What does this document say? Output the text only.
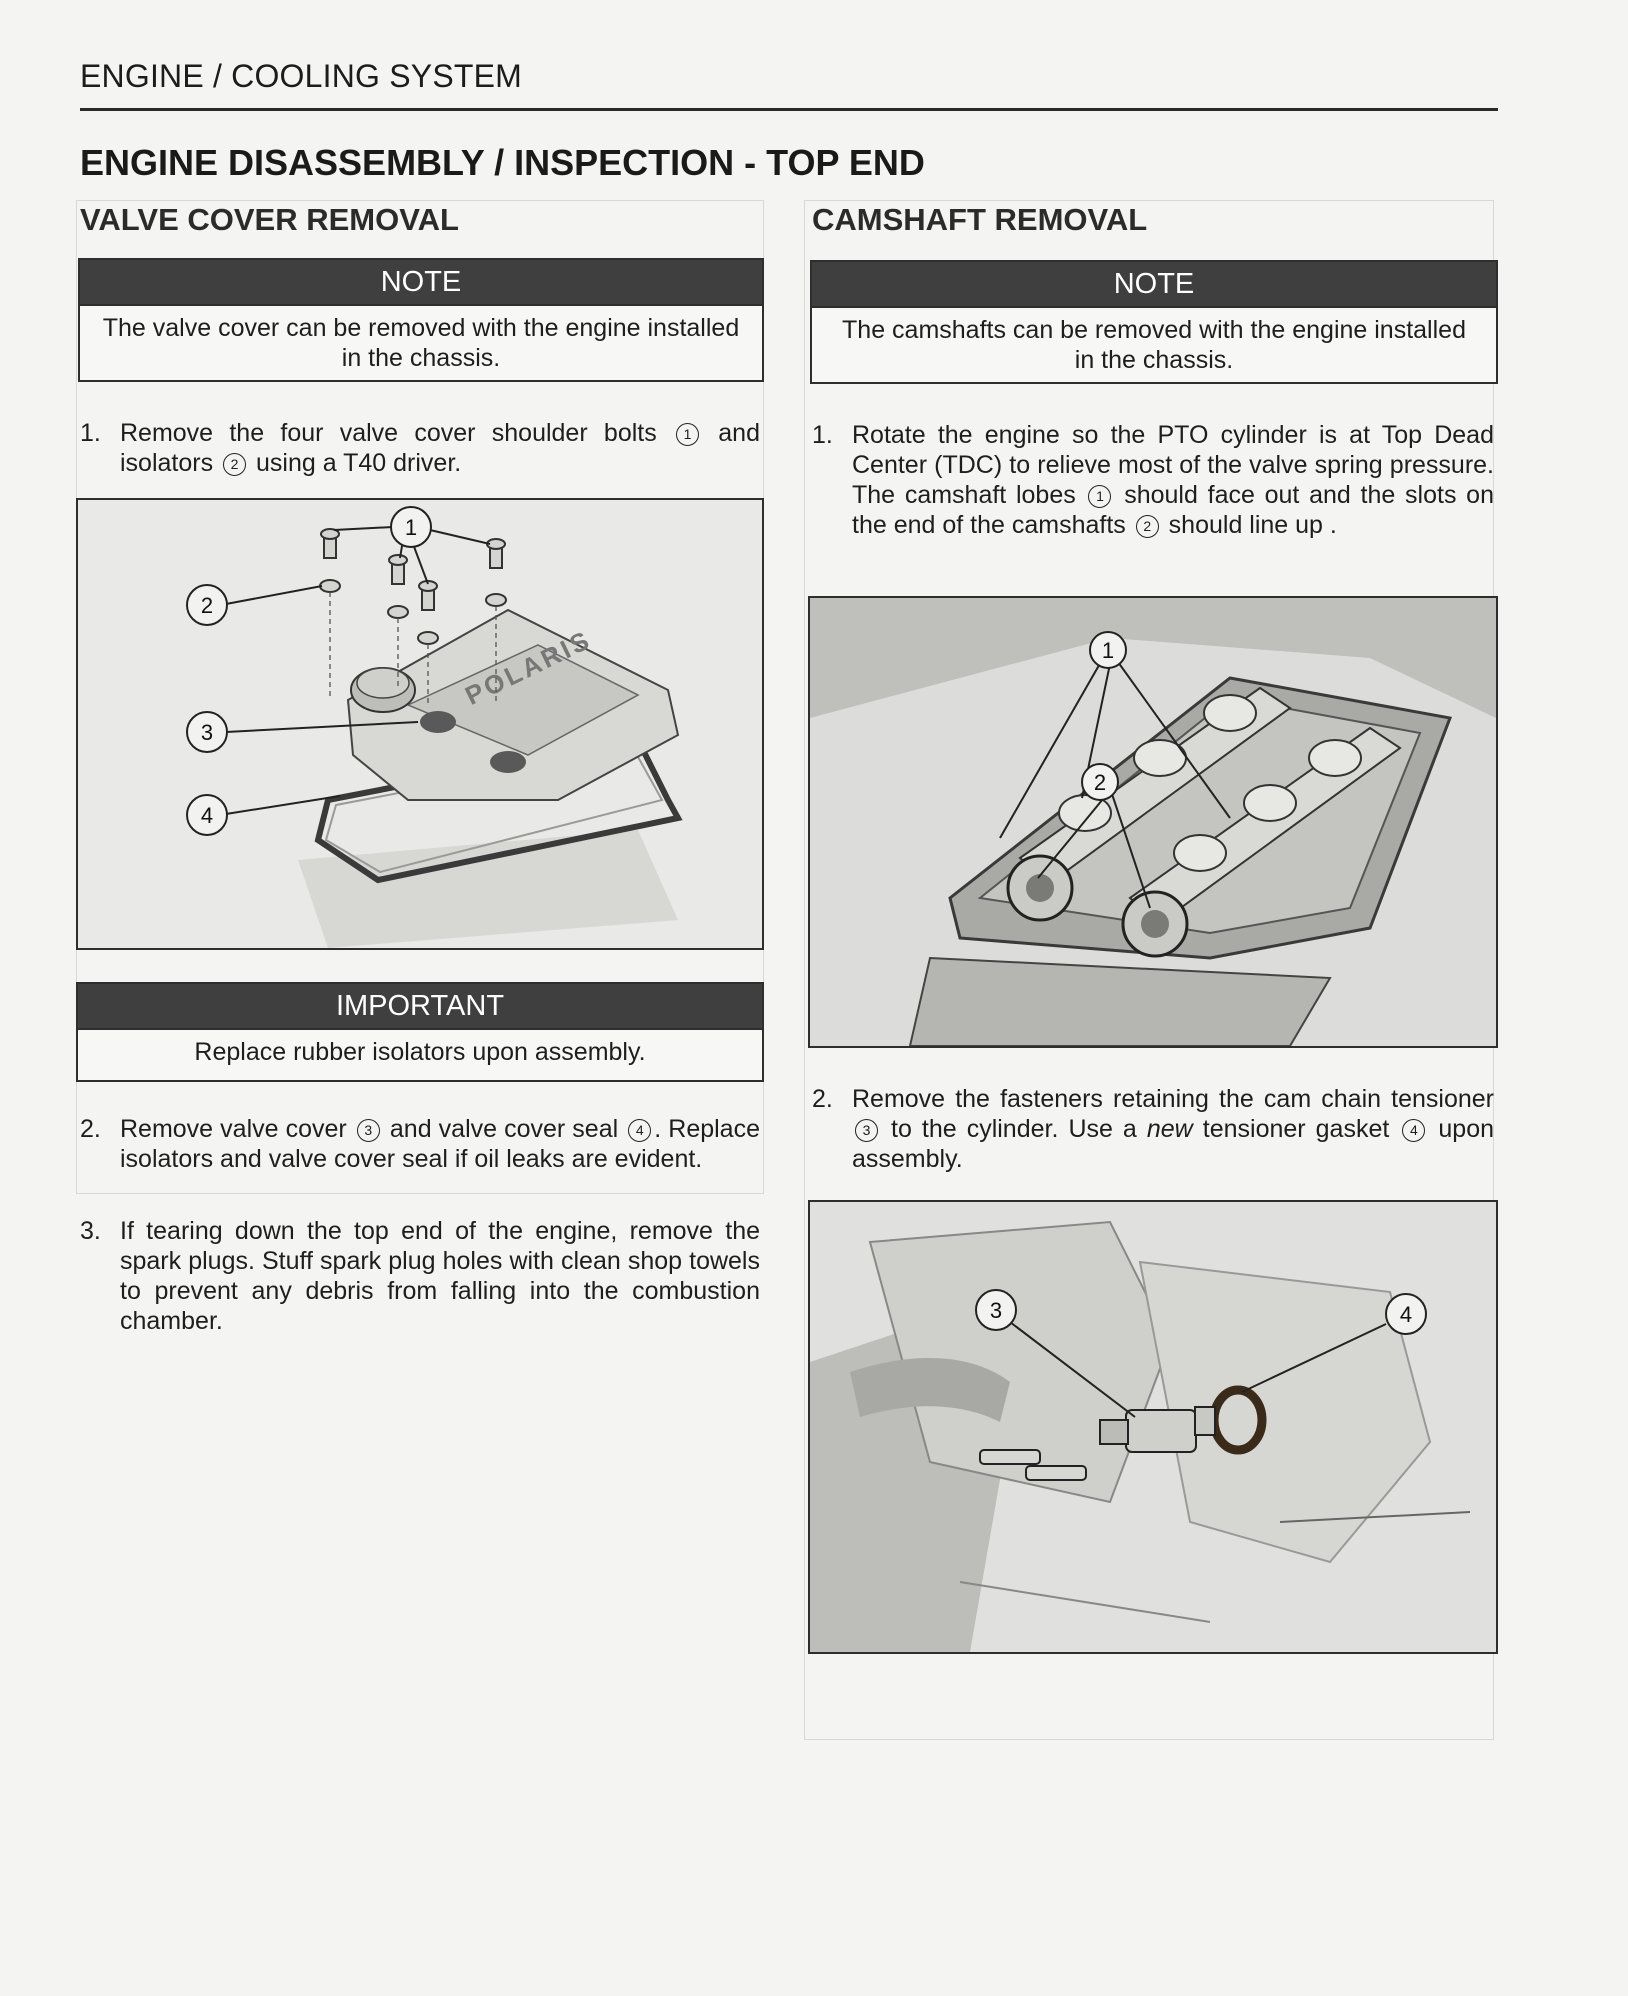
ENGINE / COOLING SYSTEM
ENGINE DISASSEMBLY / INSPECTION - TOP END
VALVE COVER REMOVAL
NOTE
The valve cover can be removed with the engine installed in the chassis.
1. Remove the four valve cover shoulder bolts 1 and isolators 2 using a T40 driver.
POLARIS
1
2
3
4
IMPORTANT
Replace rubber isolators upon assembly.
2. Remove valve cover 3 and valve cover seal 4 . Replace isolators and valve cover seal if oil leaks are evident.
3. If tearing down the top end of the engine, remove the spark plugs. Stuff spark plug holes with clean shop towels to prevent any debris from falling into the combustion chamber.
CAMSHAFT REMOVAL
NOTE
The camshafts can be removed with the engine installed in the chassis.
1. Rotate the engine so the PTO cylinder is at Top Dead Center (TDC) to relieve most of the valve spring pressure. The camshaft lobes 1 should face out and the slots on the end of the camshafts 2 should line up .
1
2
2. Remove the fasteners retaining the cam chain tensioner 3 to the cylinder. Use a new tensioner gasket 4 upon assembly.
3	4
